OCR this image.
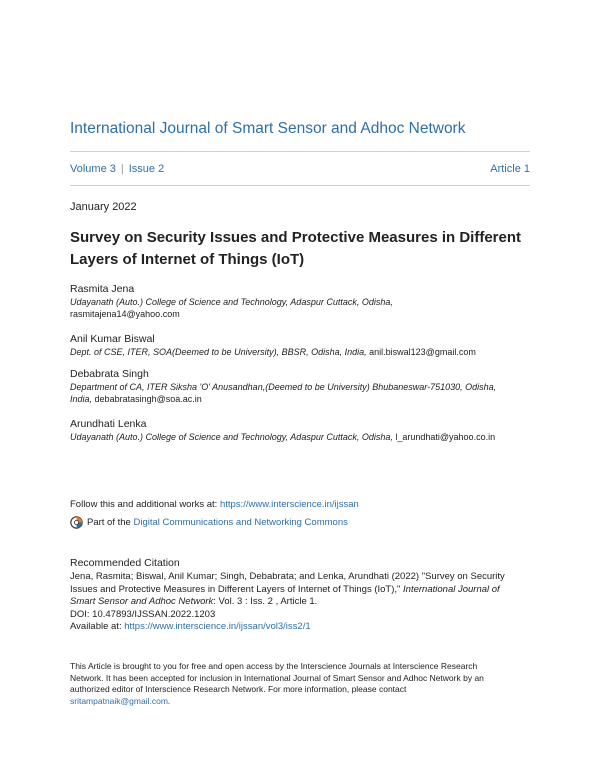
International Journal of Smart Sensor and Adhoc Network
Volume 3 | Issue 2	Article 1
January 2022
Survey on Security Issues and Protective Measures in Different
Layers of Internet of Things (IoT)
Rasmita Jena
Udayanath (Auto.) College of Science and Technology, Adaspur Cuttack, Odisha,
rasmitajena14@yahoo.com
Anil Kumar Biswal
Dept. of CSE, ITER, SOA(Deemed to be University), BBSR, Odisha, India, anil.biswal123@gmail.com
Debabrata Singh
Department of CA, ITER Siksha 'O' Anusandhan,(Deemed to be University) Bhubaneswar-751030, Odisha,
India, debabratasingh@soa.ac.in
Arundhati Lenka
Udayanath (Auto.) College of Science and Technology, Adaspur Cuttack, Odisha, l_arundhati@yahoo.co.in
Follow this and additional works at: https://www.interscience.in/ijssan
Part of the
Digital Communications and Networking Commons
Recommended Citation
Jena, Rasmita; Biswal, Anil Kumar; Singh, Debabrata; and Lenka, Arundhati (2022) "Survey on Security
Issues and Protective Measures in Different Layers of Internet of Things (IoT)," International Journal of
Smart Sensor and Adhoc Network: Vol. 3 : Iss. 2 , Article 1.
DOI: 10.47893/IJSSAN.2022.1203
Available at: https://www.interscience.in/ijssan/vol3/iss2/1
This Article is brought to you for free and open access by the Interscience Journals at Interscience Research
Network. It has been accepted for inclusion in International Journal of Smart Sensor and Adhoc Network by an
authorized editor of Interscience Research Network. For more information, please contact
sritampatnaik@gmail.com.
